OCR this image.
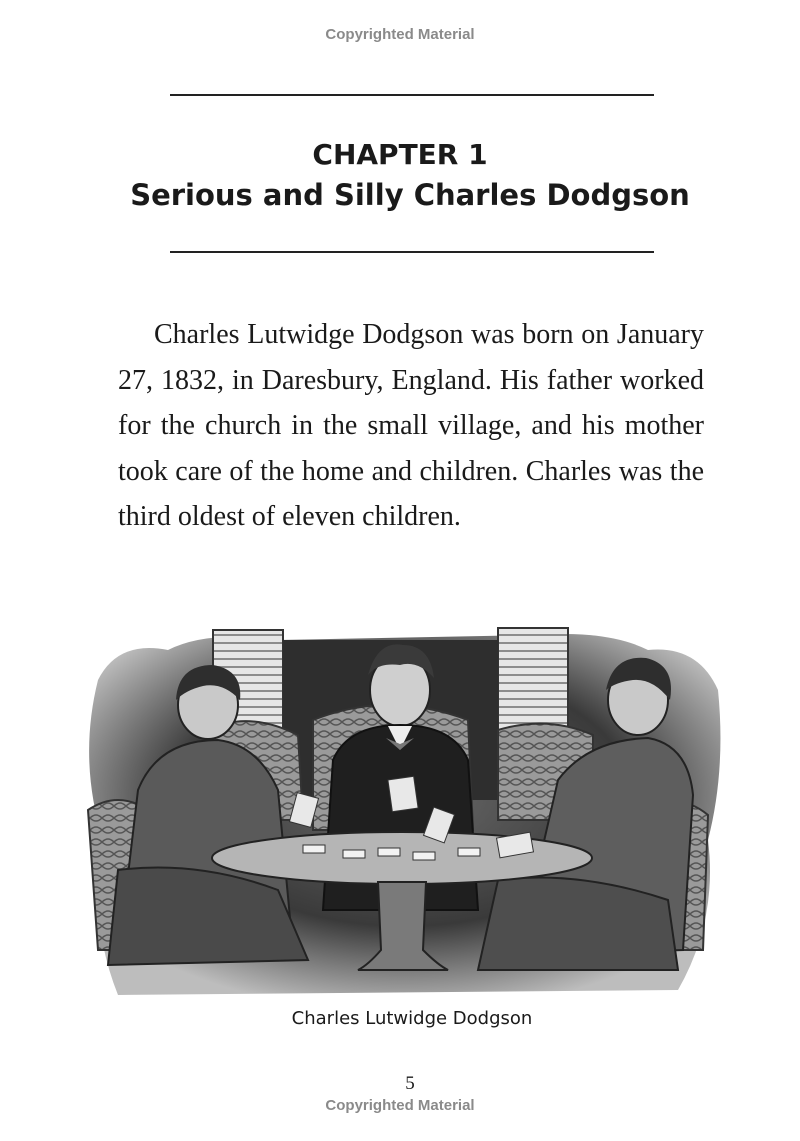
Copyrighted Material
CHAPTER 1
Serious and Silly Charles Dodgson

Charles Lutwidge Dodgson was born on January 27, 1832, in Daresbury, England. His father worked for the church in the small village, and his mother took care of the home and children. Charles was the third oldest of eleven children.

Charles Lutwidge Dodgson
5
Copyrighted Material
